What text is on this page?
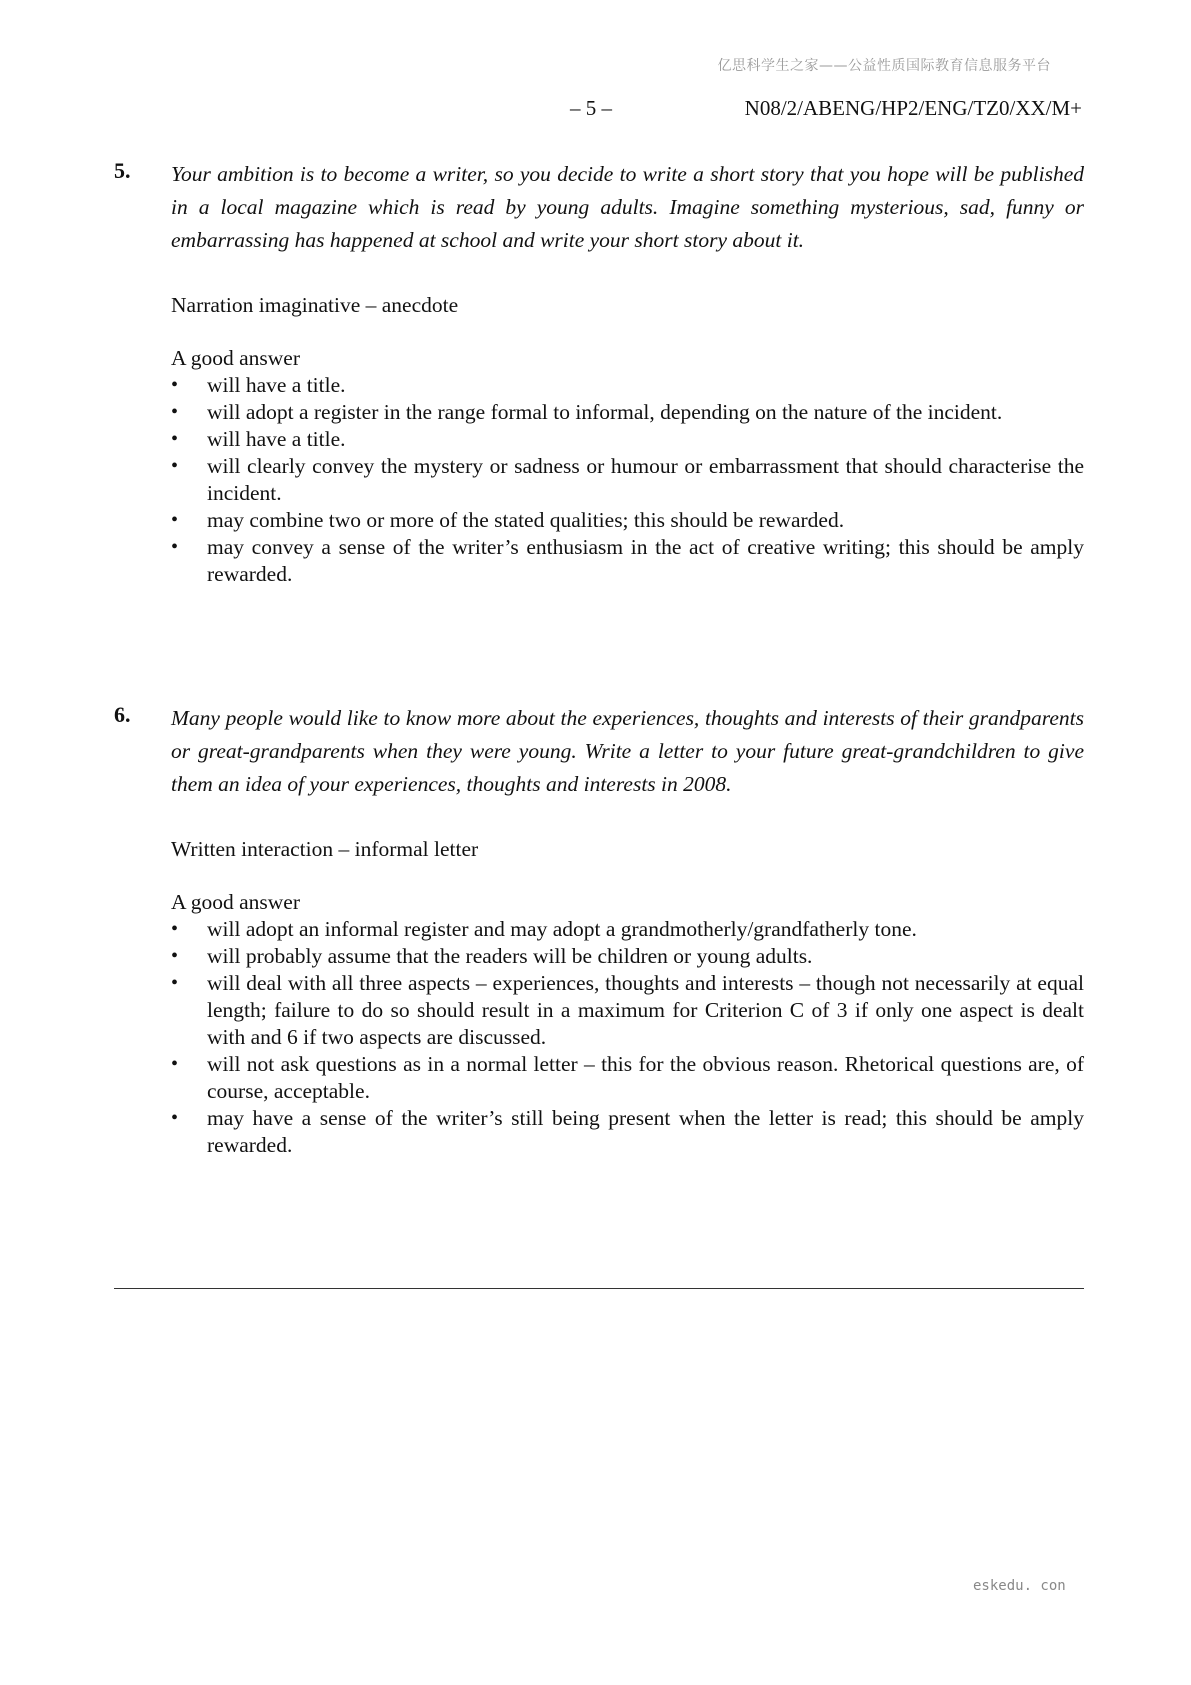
亿思科学生之家——公益性质国际教育信息服务平台
– 5 –	N08/2/ABENG/HP2/ENG/TZ0/XX/M+
5. Your ambition is to become a writer, so you decide to write a short story that you hope will be published in a local magazine which is read by young adults. Imagine something mysterious, sad, funny or embarrassing has happened at school and write your short story about it.
Narration imaginative – anecdote
A good answer
• will have a title.
• will adopt a register in the range formal to informal, depending on the nature of the incident.
• will have a title.
• will clearly convey the mystery or sadness or humour or embarrassment that should characterise the incident.
• may combine two or more of the stated qualities; this should be rewarded.
• may convey a sense of the writer’s enthusiasm in the act of creative writing; this should be amply rewarded.
6. Many people would like to know more about the experiences, thoughts and interests of their grandparents or great-grandparents when they were young. Write a letter to your future great-grandchildren to give them an idea of your experiences, thoughts and interests in 2008.
Written interaction – informal letter
A good answer
• will adopt an informal register and may adopt a grandmotherly/grandfatherly tone.
• will probably assume that the readers will be children or young adults.
• will deal with all three aspects – experiences, thoughts and interests – though not necessarily at equal length; failure to do so should result in a maximum for Criterion C of 3 if only one aspect is dealt with and 6 if two aspects are discussed.
• will not ask questions as in a normal letter – this for the obvious reason. Rhetorical questions are, of course, acceptable.
• may have a sense of the writer’s still being present when the letter is read; this should be amply rewarded.
eskedu. con
